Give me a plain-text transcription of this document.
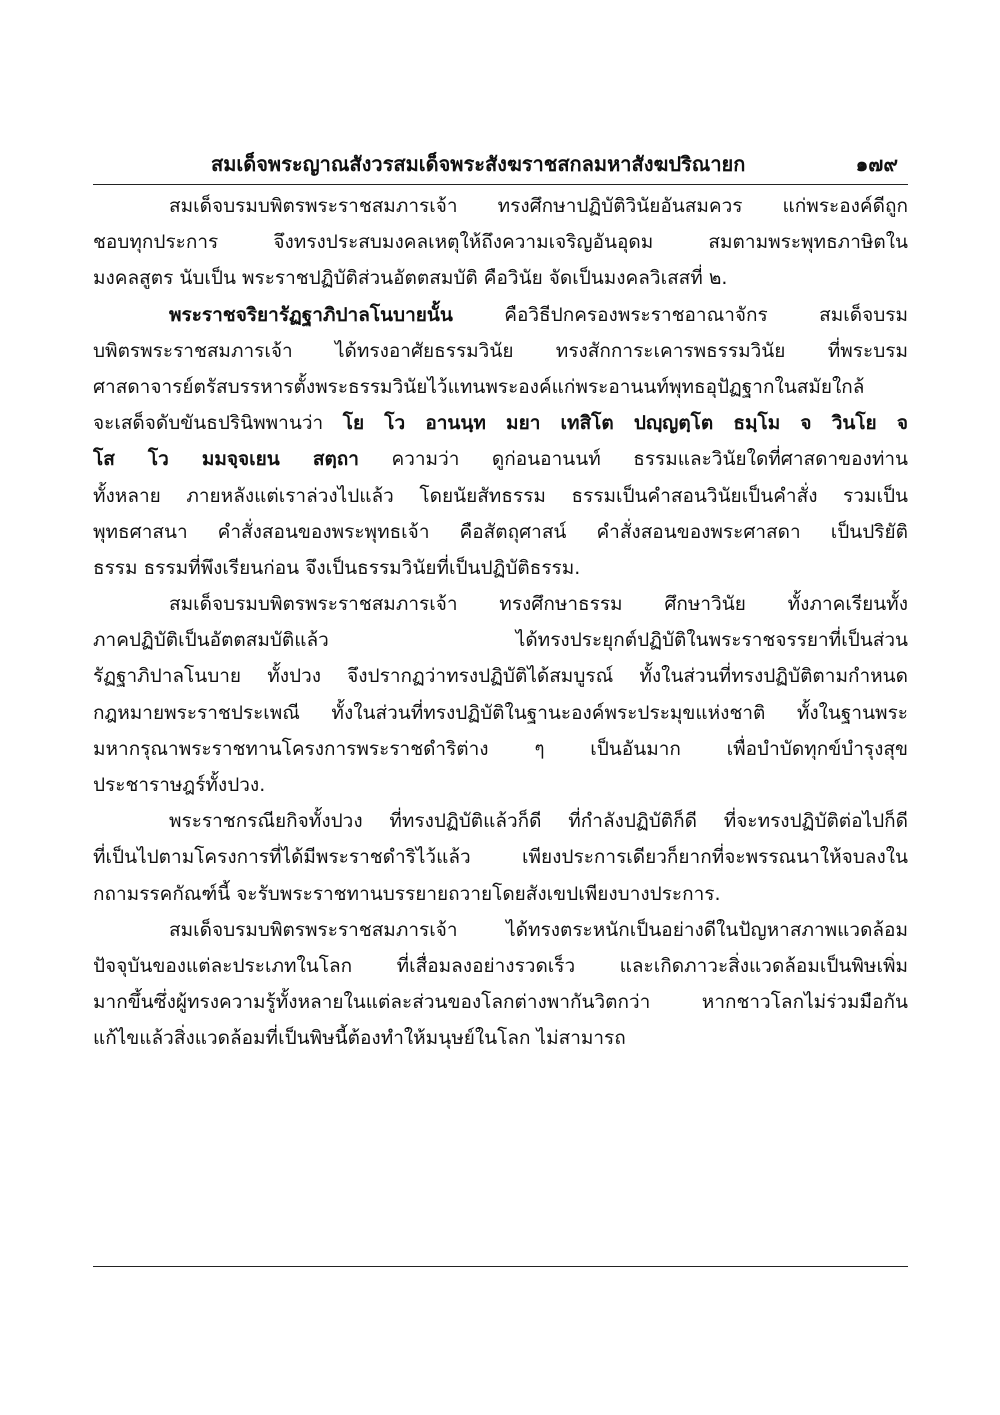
สมเด็จพระญาณสังวรสมเด็จพระสังฆราชสกลมหาสังฆปริณายก	๑๗๙
สมเด็จบรมบพิตรพระราชสมภารเจ้า ทรงศึกษาปฏิบัติวินัยอันสมควร แก่พระองค์ดีถูก
ชอบทุกประการ จึงทรงประสบมงคลเหตุให้ถึงความเจริญอันอุดม สมตามพระพุทธภาษิตใน
มงคลสูตร นับเป็น พระราชปฏิบัติส่วนอัตตสมบัติ คือวินัย จัดเป็นมงคลวิเสสที่ ๒.
พระราชจริยารัฏฐาภิปาลโนบายนั้น คือวิธีปกครองพระราชอาณาจักร สมเด็จบรม
บพิตรพระราชสมภารเจ้า ได้ทรงอาศัยธรรมวินัย ทรงสักการะเคารพธรรมวินัย ที่พระบรม
ศาสดาจารย์ตรัสบรรหารตั้งพระธรรมวินัยไว้แทนพระองค์แก่พระอานนท์พุทธอุปัฏฐากในสมัยใกล้
จะเสด็จดับขันธปรินิพพานว่า โย โว อานนฺท มยา เทสิโต ปญฺญตฺโต ธมฺโม จ วินโย จ
โส โว มมจฺจเยน สตฺถา ความว่า ดูก่อนอานนท์ ธรรมและวินัยใดที่ศาสดาของท่าน
ทั้งหลาย ภายหลังแต่เราล่วงไปแล้ว โดยนัยสัทธรรม ธรรมเป็นคำสอนวินัยเป็นคำสั่ง รวมเป็น
พุทธศาสนา คำสั่งสอนของพระพุทธเจ้า คือสัตถุศาสน์ คำสั่งสอนของพระศาสดา เป็นปริยัติ
ธรรม ธรรมที่พึงเรียนก่อน จึงเป็นธรรมวินัยที่เป็นปฏิบัติธรรม.
สมเด็จบรมบพิตรพระราชสมภารเจ้า ทรงศึกษาธรรม ศึกษาวินัย ทั้งภาคเรียนทั้ง
ภาคปฏิบัติเป็นอัตตสมบัติแล้ว ได้ทรงประยุกต์ปฏิบัติในพระราชจรรยาที่เป็นส่วน
รัฏฐาภิปาลโนบาย ทั้งปวง จึงปรากฏว่าทรงปฏิบัติได้สมบูรณ์ ทั้งในส่วนที่ทรงปฏิบัติตามกำหนด
กฎหมายพระราชประเพณี ทั้งในส่วนที่ทรงปฏิบัติในฐานะองค์พระประมุขแห่งชาติ ทั้งในฐานพระ
มหากรุณาพระราชทานโครงการพระราชดำริต่าง ๆ เป็นอันมาก เพื่อบำบัดทุกข์บำรุงสุข
ประชาราษฎร์ทั้งปวง.
พระราชกรณียกิจทั้งปวง ที่ทรงปฏิบัติแล้วก็ดี ที่กำลังปฏิบัติก็ดี ที่จะทรงปฏิบัติต่อไปก็ดี
ที่เป็นไปตามโครงการที่ได้มีพระราชดำริไว้แล้ว เพียงประการเดียวก็ยากที่จะพรรณนาให้จบลงใน
กถามรรคกัณฑ์นี้ จะรับพระราชทานบรรยายถวายโดยสังเขปเพียงบางประการ.
สมเด็จบรมบพิตรพระราชสมภารเจ้า ได้ทรงตระหนักเป็นอย่างดีในปัญหาสภาพแวดล้อม
ปัจจุบันของแต่ละประเภทในโลก ที่เสื่อมลงอย่างรวดเร็ว และเกิดภาวะสิ่งแวดล้อมเป็นพิษเพิ่ม
มากขึ้นซึ่งผู้ทรงความรู้ทั้งหลายในแต่ละส่วนของโลกต่างพากันวิตกว่า หากชาวโลกไม่ร่วมมือกัน
แก้ไขแล้วสิ่งแวดล้อมที่เป็นพิษนี้ต้องทำให้มนุษย์ในโลก ไม่สามารถ
